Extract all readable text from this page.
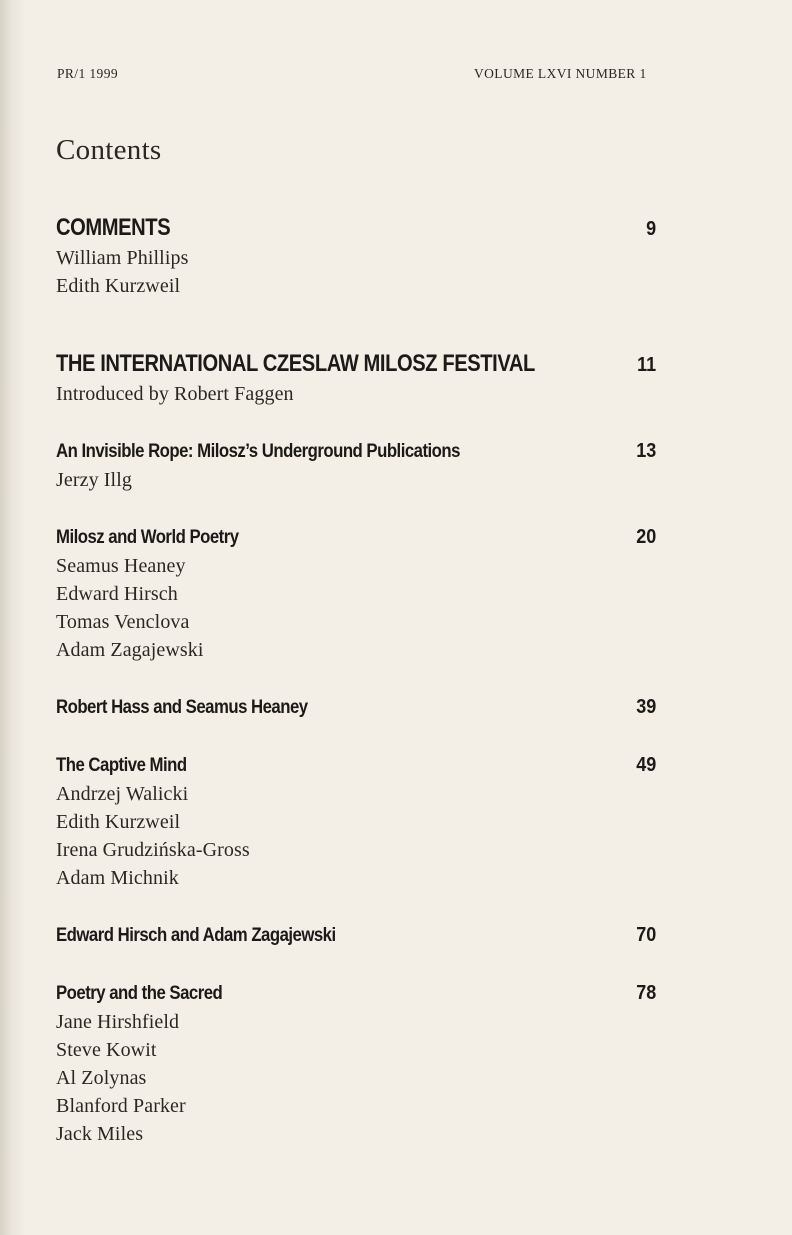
PR/1 1999	VOLUME LXVI NUMBER 1
Contents
COMMENTS	9
William Phillips
Edith Kurzweil
THE INTERNATIONAL CZESLAW MILOSZ FESTIVAL	11
Introduced by Robert Faggen
An Invisible Rope: Milosz’s Underground Publications	13
Jerzy Illg
Milosz and World Poetry	20
Seamus Heaney
Edward Hirsch
Tomas Venclova
Adam Zagajewski
Robert Hass and Seamus Heaney	39
The Captive Mind	49
Andrzej Walicki
Edith Kurzweil
Irena Grudzińska-Gross
Adam Michnik
Edward Hirsch and Adam Zagajewski	70
Poetry and the Sacred	78
Jane Hirshfield
Steve Kowit
Al Zolynas
Blanford Parker
Jack Miles
